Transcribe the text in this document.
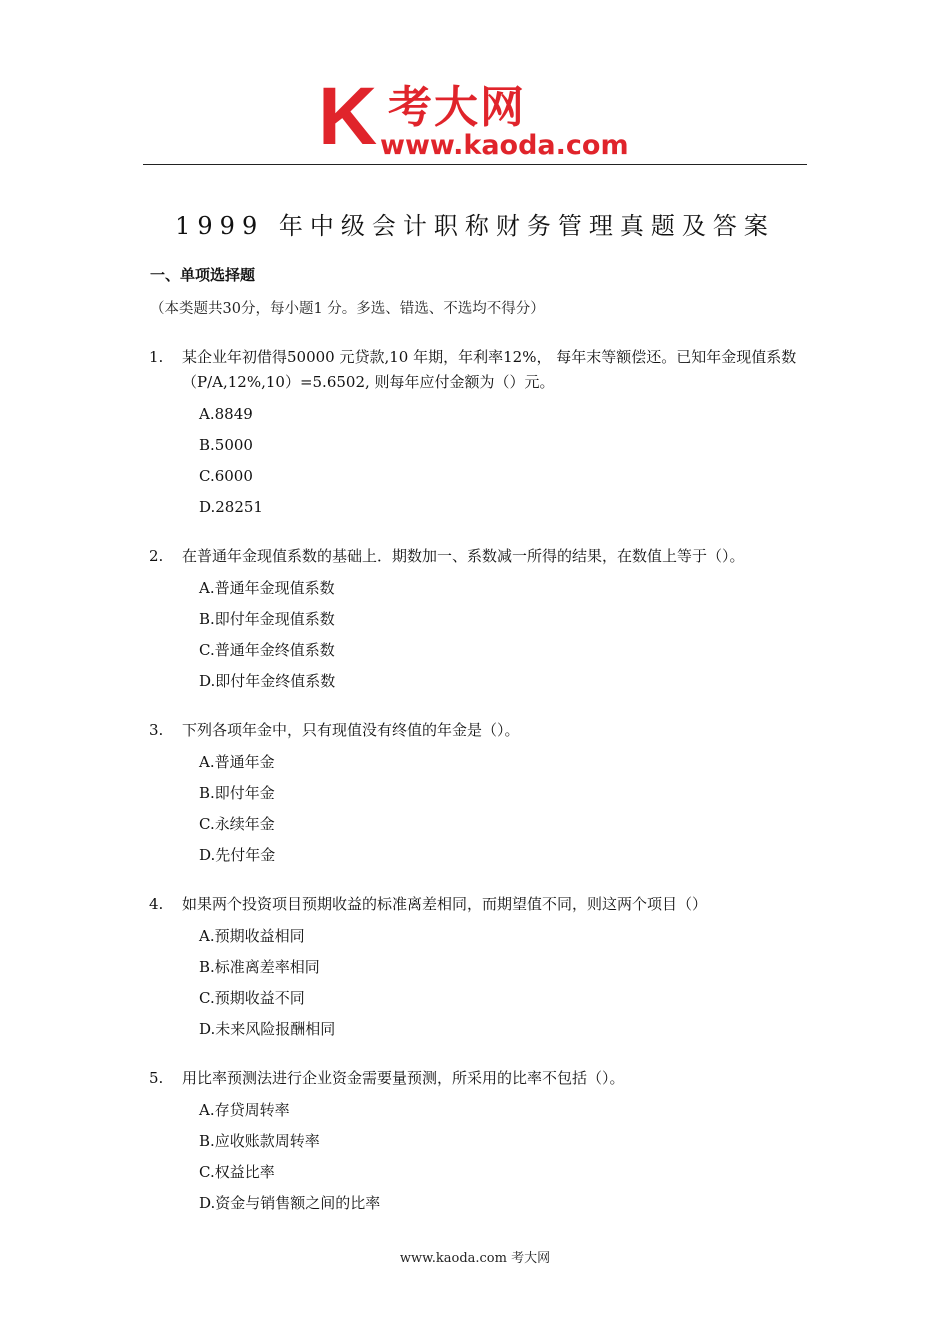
K 考大网
www.kaoda.com
1999 年中级会计职称财务管理真题及答案
一、单项选择题
（本类题共30分，每小题1 分。多选、错选、不选均不得分）
1.	某企业年初借得50000 元贷款,10 年期，年利率12%， 每年末等额偿还。已知年金现值系数（P/A,12%,10）=5.6502, 则每年应付金额为（）元。
A.8849
B.5000
C.6000
D.28251
2.	在普通年金现值系数的基础上．期数加一、系数减一所得的结果，在数值上等于（）。
A.普通年金现值系数
B.即付年金现值系数
C.普通年金终值系数
D.即付年金终值系数
3.	下列各项年金中，只有现值没有终值的年金是（）。
A.普通年金
B.即付年金
C.永续年金
D.先付年金
4.	如果两个投资项目预期收益的标准离差相同，而期望值不同，则这两个项目（）
A.预期收益相同
B.标准离差率相同
C.预期收益不同
D.未来风险报酬相同
5.	用比率预测法进行企业资金需要量预测，所采用的比率不包括（）。
A.存贷周转率
B.应收账款周转率
C.权益比率
D.资金与销售额之间的比率
www.kaoda.com 考大网
